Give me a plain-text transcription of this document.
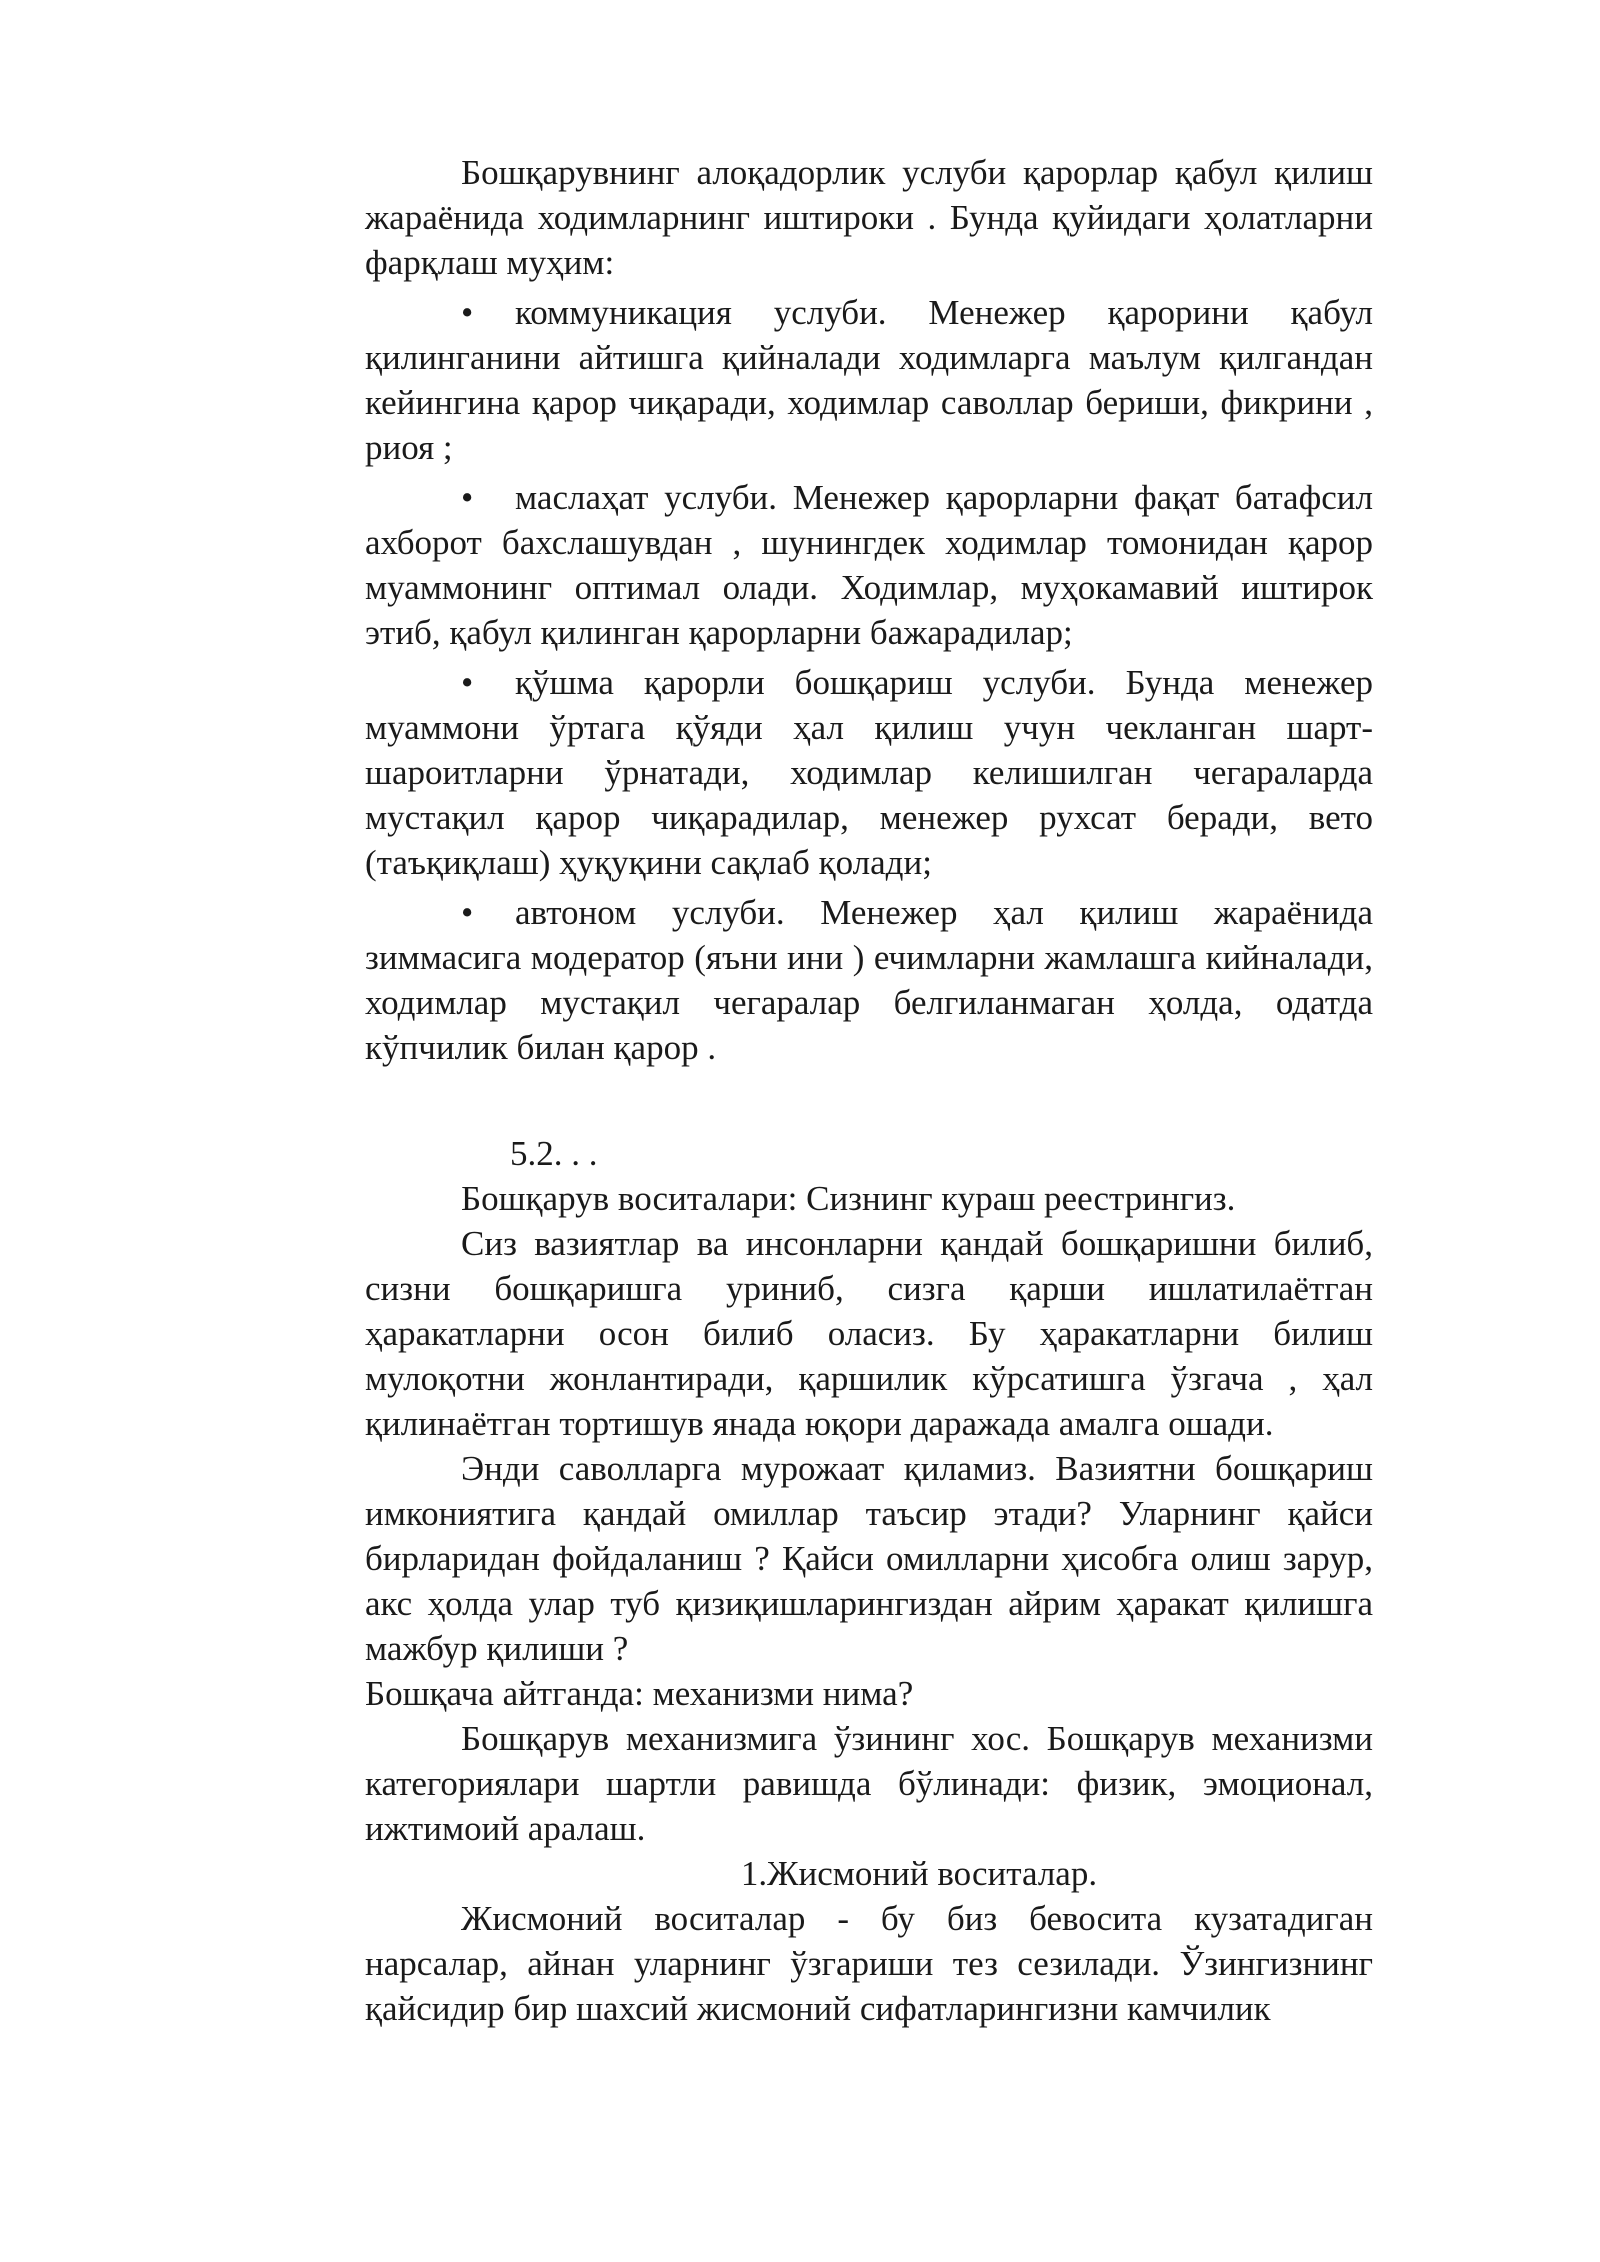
Бошқарувнинг алоқадорлик услуби қарорлар қабул қилиш жараёнида ходимларнинг иштироки . Бунда қуйидаги ҳолатларни фарқлаш муҳим:

• коммуникация услуби. Менежер қарорини қабул қилинганини айтишга қийналади ходимларга маълум қилгандан кейингина қарор чиқаради, ходимлар саволлар бериши, фикрини , риоя ;

• маслаҳат услуби. Менежер қарорларни фақат батафсил ахборот бахслашувдан , шунингдек ходимлар томонидан қарор муаммонинг оптимал олади. Ходимлар, муҳокамавий иштирок этиб, қабул қилинган қарорларни бажарадилар;

• қўшма қарорли бошқариш услуби. Бунда менежер муаммони ўртага қўяди ҳал қилиш учун чекланган шарт-шароитларни ўрнатади, ходимлар келишилган чегараларда мустақил қарор чиқарадилар, менежер рухсат беради, вето (таъқиқлаш) ҳуқуқини сақлаб қолади;

• автоном услуби. Менежер ҳал қилиш жараёнида зиммасига модератор (яъни ини ) ечимларни жамлашга кийналади, ходимлар мустақил чегаралар белгиланмаган ҳолда, одатда кўпчилик билан қарор .

5.2. . .

Бошқарув воситалари: Сизнинг кураш реестрингиз.

Сиз вазиятлар ва инсонларни қандай бошқаришни билиб, сизни бошқаришга уриниб, сизга қарши ишлатилаётган ҳаракатларни осон билиб оласиз. Бу ҳаракатларни билиш мулоқотни жонлантиради, қаршилик кўрсатишга ўзгача , ҳал қилинаётган тортишув янада юқори даражада амалга ошади.

Энди саволларга мурожаат қиламиз. Вазиятни бошқариш имкониятига қандай омиллар таъсир этади? Уларнинг қайси бирларидан фойдаланиш ? Қайси омилларни ҳисобга олиш зарур, акс ҳолда улар туб қизиқишларингиздан айрим ҳаракат қилишга мажбур қилиши ?

Бошқача айтганда: механизми нима?

Бошқарув механизмига ўзининг хос. Бошқарув механизми категориялари шартли равишда бўлинади: физик, эмоционал, ижтимоий аралаш.

1.Жисмоний воситалар.

Жисмоний воситалар - бу биз бевосита кузатадиган нарсалар, айнан уларнинг ўзгариши тез сезилади. Ўзингизнинг қайсидир бир шахсий жисмоний сифатларингизни камчилик
